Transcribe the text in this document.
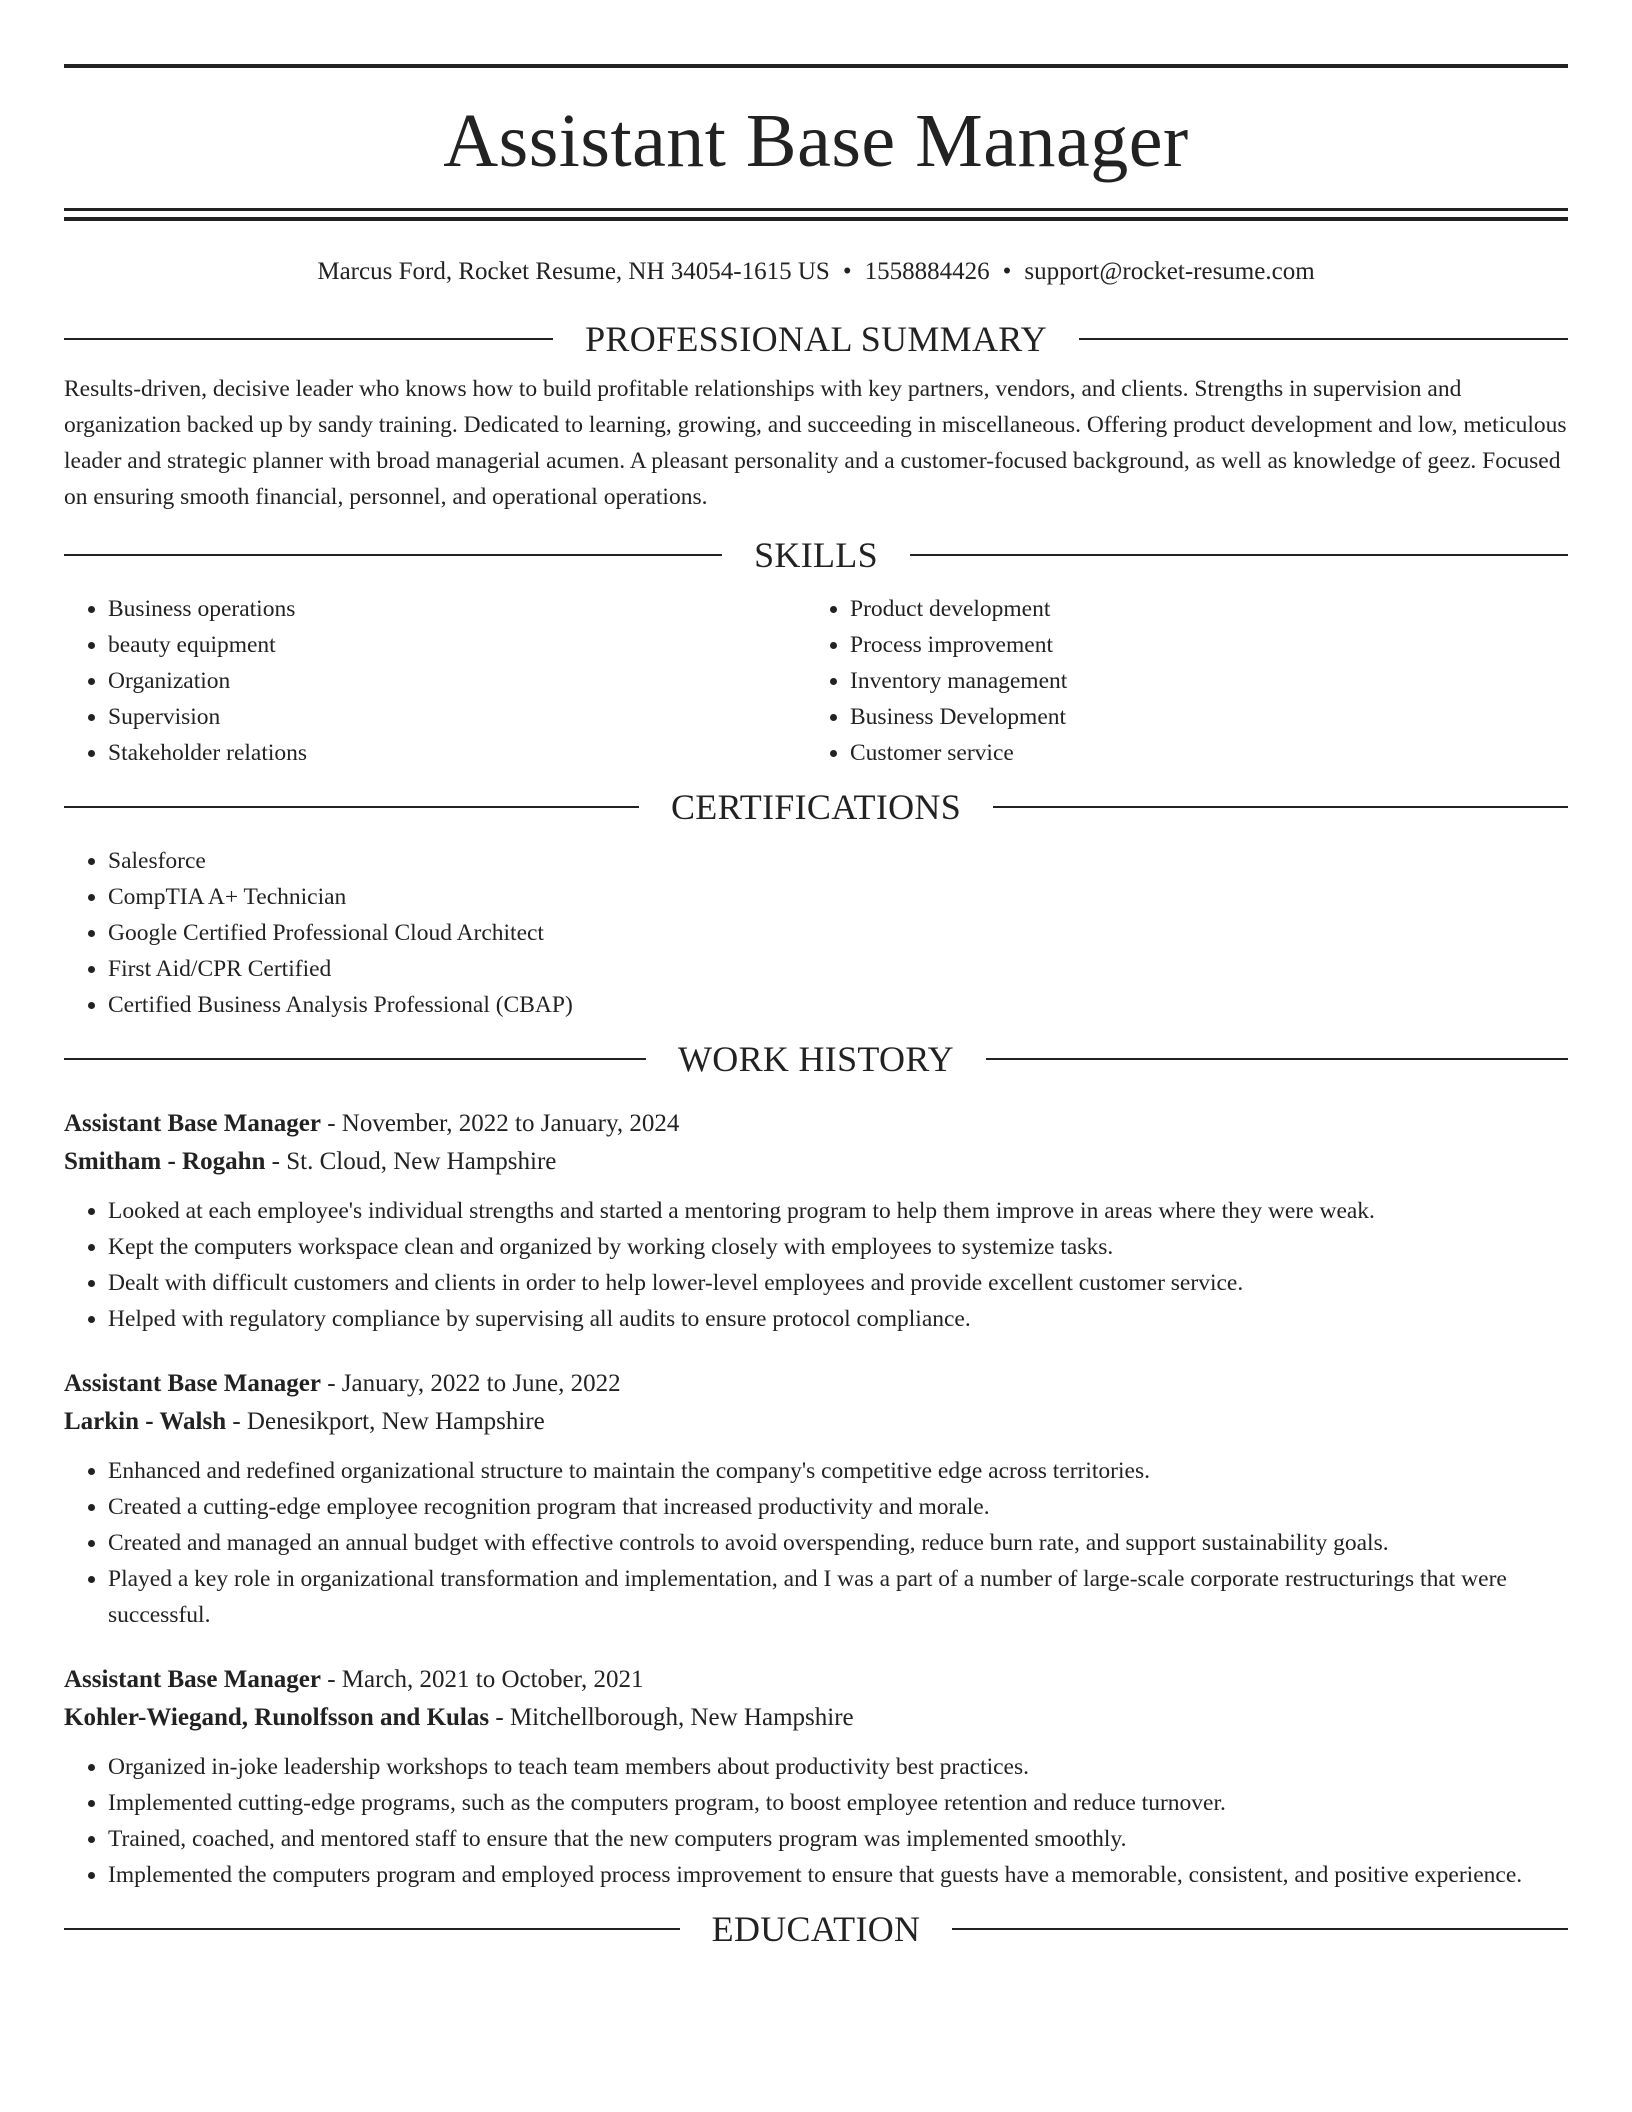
Assistant Base Manager
Marcus Ford, Rocket Resume, NH 34054-1615 US • 1558884426 • support@rocket-resume.com
PROFESSIONAL SUMMARY

Results-driven, decisive leader who knows how to build profitable relationships with key partners, vendors, and clients. Strengths in supervision and organization backed up by sandy training. Dedicated to learning, growing, and succeeding in miscellaneous. Offering product development and low, meticulous leader and strategic planner with broad managerial acumen. A pleasant personality and a customer-focused background, as well as knowledge of geez. Focused on ensuring smooth financial, personnel, and operational operations.

SKILLS
• Business operations
• beauty equipment
• Organization
• Supervision
• Stakeholder relations
• Product development
• Process improvement
• Inventory management
• Business Development
• Customer service
CERTIFICATIONS
• Salesforce
• CompTIA A+ Technician
• Google Certified Professional Cloud Architect
• First Aid/CPR Certified
• Certified Business Analysis Professional (CBAP)
WORK HISTORY
Assistant Base Manager - November, 2022 to January, 2024
Smitham - Rogahn - St. Cloud, New Hampshire
• Looked at each employee's individual strengths and started a mentoring program to help them improve in areas where they were weak.
• Kept the computers workspace clean and organized by working closely with employees to systemize tasks.
• Dealt with difficult customers and clients in order to help lower-level employees and provide excellent customer service.
• Helped with regulatory compliance by supervising all audits to ensure protocol compliance.
Assistant Base Manager - January, 2022 to June, 2022
Larkin - Walsh - Denesikport, New Hampshire
• Enhanced and redefined organizational structure to maintain the company's competitive edge across territories.
• Created a cutting-edge employee recognition program that increased productivity and morale.
• Created and managed an annual budget with effective controls to avoid overspending, reduce burn rate, and support sustainability goals.
• Played a key role in organizational transformation and implementation, and I was a part of a number of large-scale corporate restructurings that were successful.
Assistant Base Manager - March, 2021 to October, 2021
Kohler-Wiegand, Runolfsson and Kulas - Mitchellborough, New Hampshire
• Organized in-joke leadership workshops to teach team members about productivity best practices.
• Implemented cutting-edge programs, such as the computers program, to boost employee retention and reduce turnover.
• Trained, coached, and mentored staff to ensure that the new computers program was implemented smoothly.
• Implemented the computers program and employed process improvement to ensure that guests have a memorable, consistent, and positive experience.
EDUCATION
